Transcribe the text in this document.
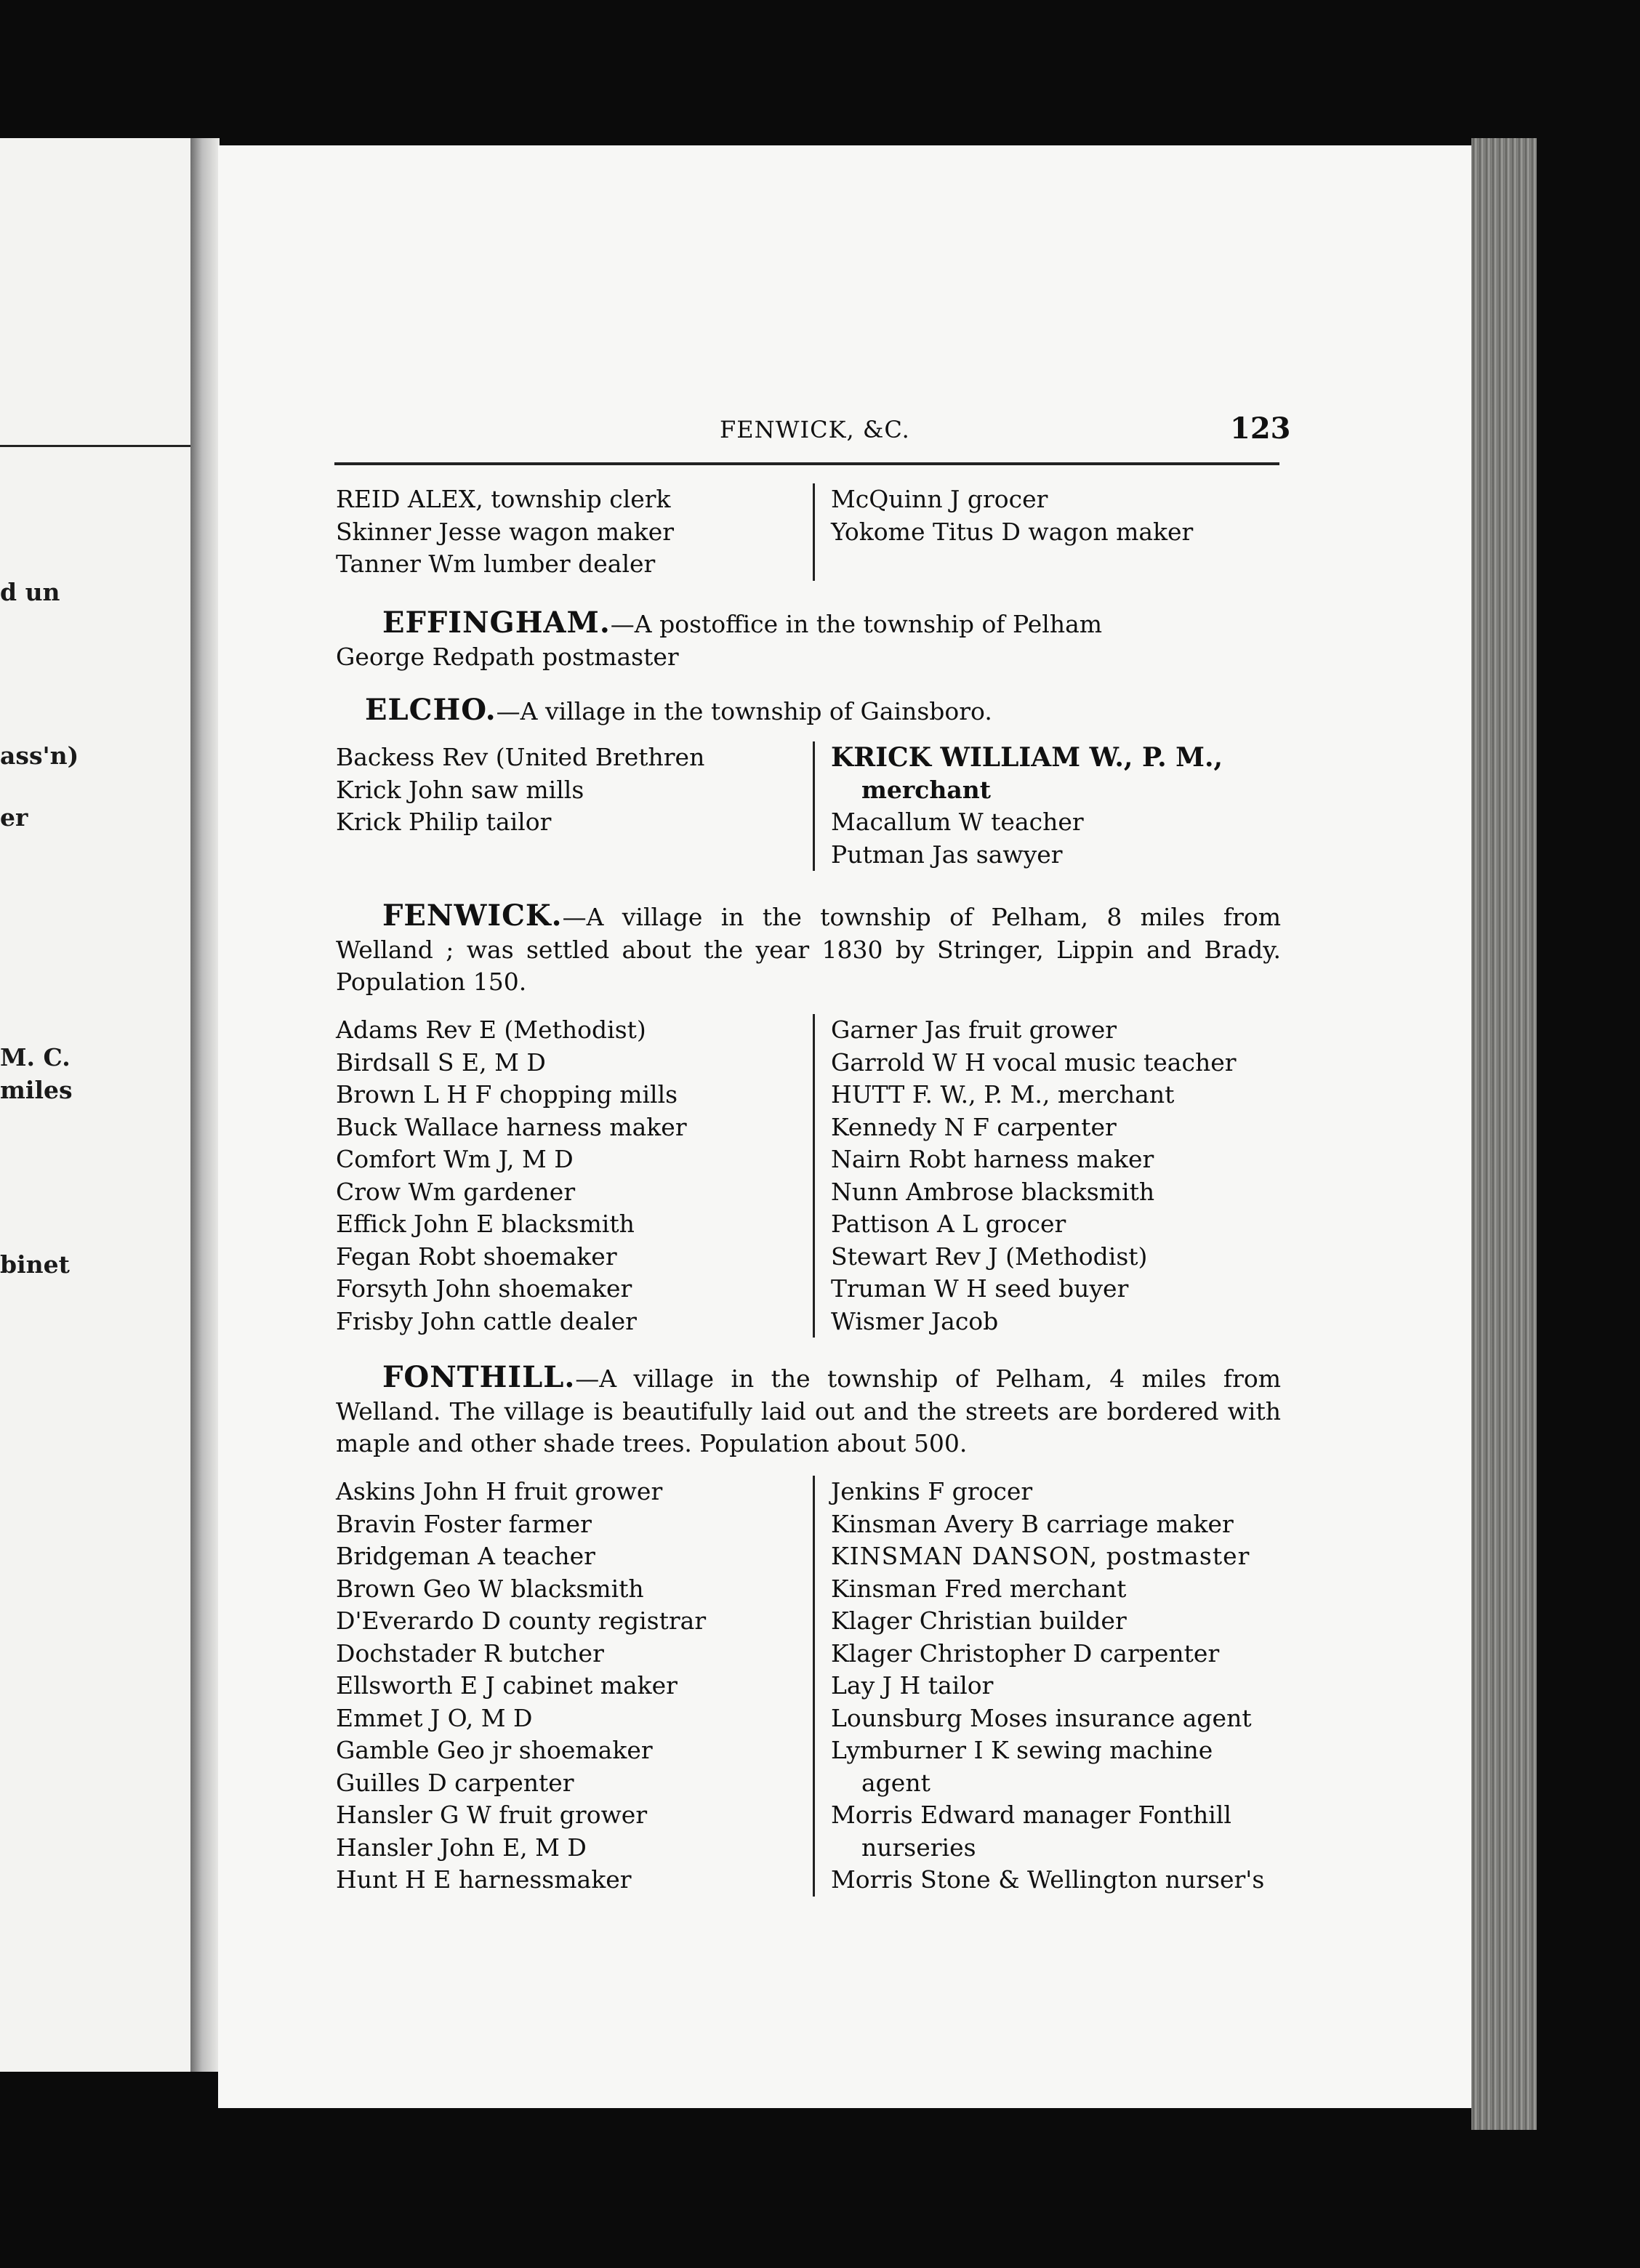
d un
ass'n)
er
M. C.
miles
binet
FENWICK, &C.	123
REID ALEX, township clerk
Skinner Jesse wagon maker
Tanner Wm lumber dealer
McQuinn J grocer
Yokome Titus D wagon maker
EFFINGHAM.—A postoffice in the township of Pelham
George Redpath postmaster
ELCHO.—A village in the township of Gainsboro.
Backess Rev (United Brethren
Krick John saw mills
Krick Philip tailor

KRICK WILLIAM W., P. M.,
merchant
Macallum W teacher
Putman Jas sawyer
FENWICK.—A village in the township of Pelham, 8 miles from Welland ; was settled about the year 1830 by Stringer, Lippin and Brady. Population 150.
Adams Rev E (Methodist)
Birdsall S E, M D
Brown L H F chopping mills
Buck Wallace harness maker
Comfort Wm J, M D
Crow Wm gardener
Effick John E blacksmith
Fegan Robt shoemaker
Forsyth John shoemaker
Frisby John cattle dealer
Garner Jas fruit grower
Garrold W H vocal music teacher
HUTT F. W., P. M., merchant
Kennedy N F carpenter
Nairn Robt harness maker
Nunn Ambrose blacksmith
Pattison A L grocer
Stewart Rev J (Methodist)
Truman W H seed buyer
Wismer Jacob
FONTHILL.—A village in the township of Pelham, 4 miles from Welland. The village is beautifully laid out and the streets are bordered with maple and other shade trees. Population about 500.
Askins John H fruit grower
Bravin Foster farmer
Bridgeman A teacher
Brown Geo W blacksmith
D'Everardo D county registrar
Dochstader R butcher
Ellsworth E J cabinet maker
Emmet J O, M D
Gamble Geo jr shoemaker
Guilles D carpenter
Hansler G W fruit grower
Hansler John E, M D
Hunt H E harnessmaker
Jenkins F grocer
Kinsman Avery B carriage maker
KINSMAN DANSON, postmaster
Kinsman Fred merchant
Klager Christian builder
Klager Christopher D carpenter
Lay J H tailor
Lounsburg Moses insurance agent
Lymburner I K sewing machine
agent
Morris Edward manager Fonthill
nurseries
Morris Stone & Wellington nurser's
